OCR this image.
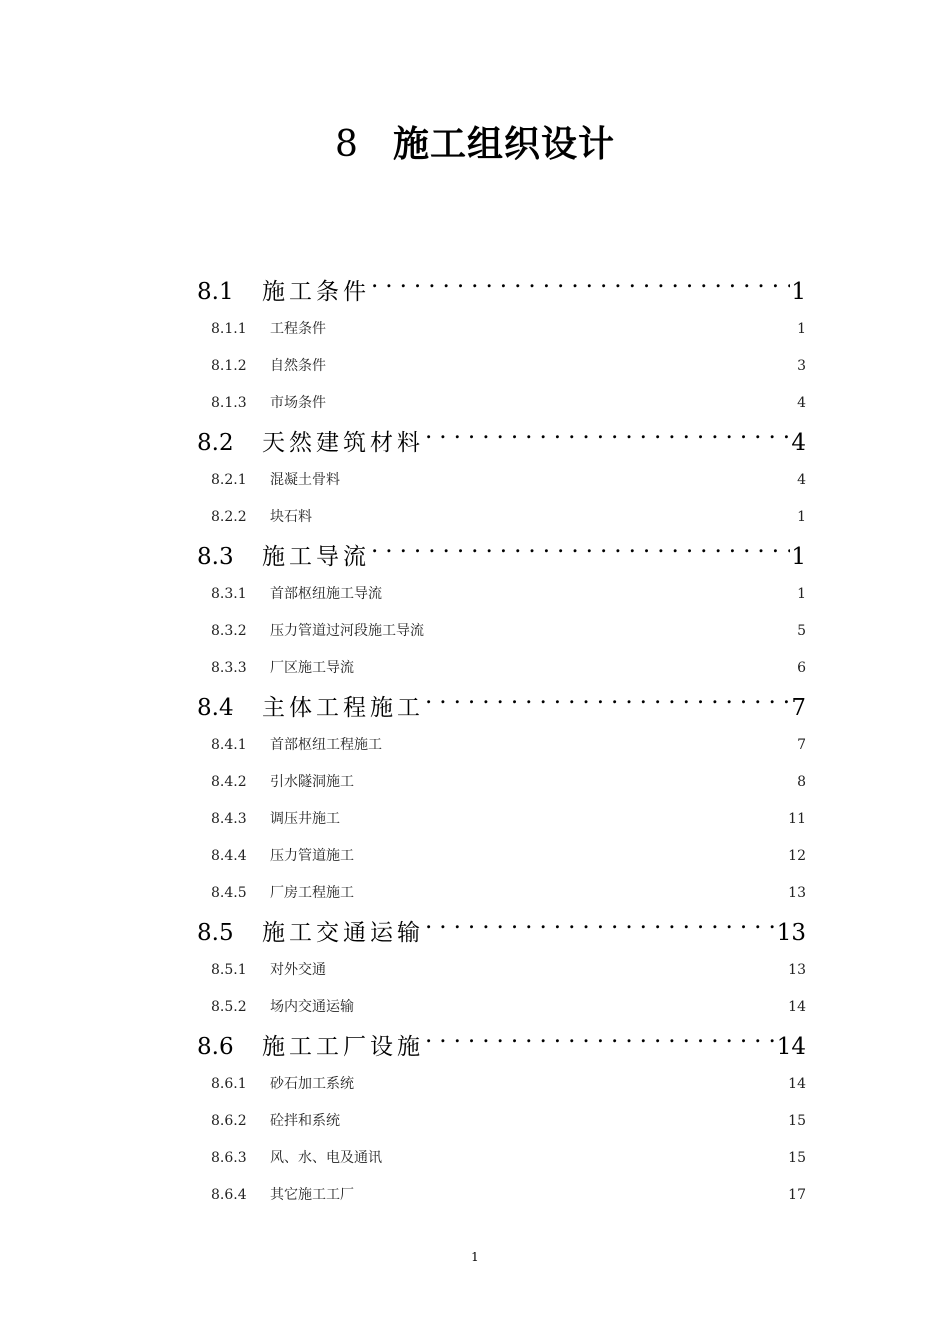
8 施工组织设计
8.1	施工条件 .....	1
8.1.1	工程条件 .....	1
8.1.2	自然条件 .....	3
8.1.3	市场条件 .....	4
8.2	天然建筑材料 .....	4
8.2.1	混凝土骨料 .....	4
8.2.2	块石料 .....	1
8.3	施工导流 .....	1
8.3.1	首部枢纽施工导流 .....	1
8.3.2	压力管道过河段施工导流 .....	5
8.3.3	厂区施工导流 .....	6
8.4	主体工程施工 .....	7
8.4.1	首部枢纽工程施工 .....	7
8.4.2	引水隧洞施工 .....	8
8.4.3	调压井施工 .....	11
8.4.4	压力管道施工 .....	12
8.4.5	厂房工程施工 .....	13
8.5	施工交通运输 .....	13
8.5.1	对外交通 .....	13
8.5.2	场内交通运输 .....	14
8.6	施工工厂设施 .....	14
8.6.1	砂石加工系统 .....	14
8.6.2	砼拌和系统 .....	15
8.6.3	风、水、电及通讯 .....	15
8.6.4	其它施工工厂 .....	17
1
